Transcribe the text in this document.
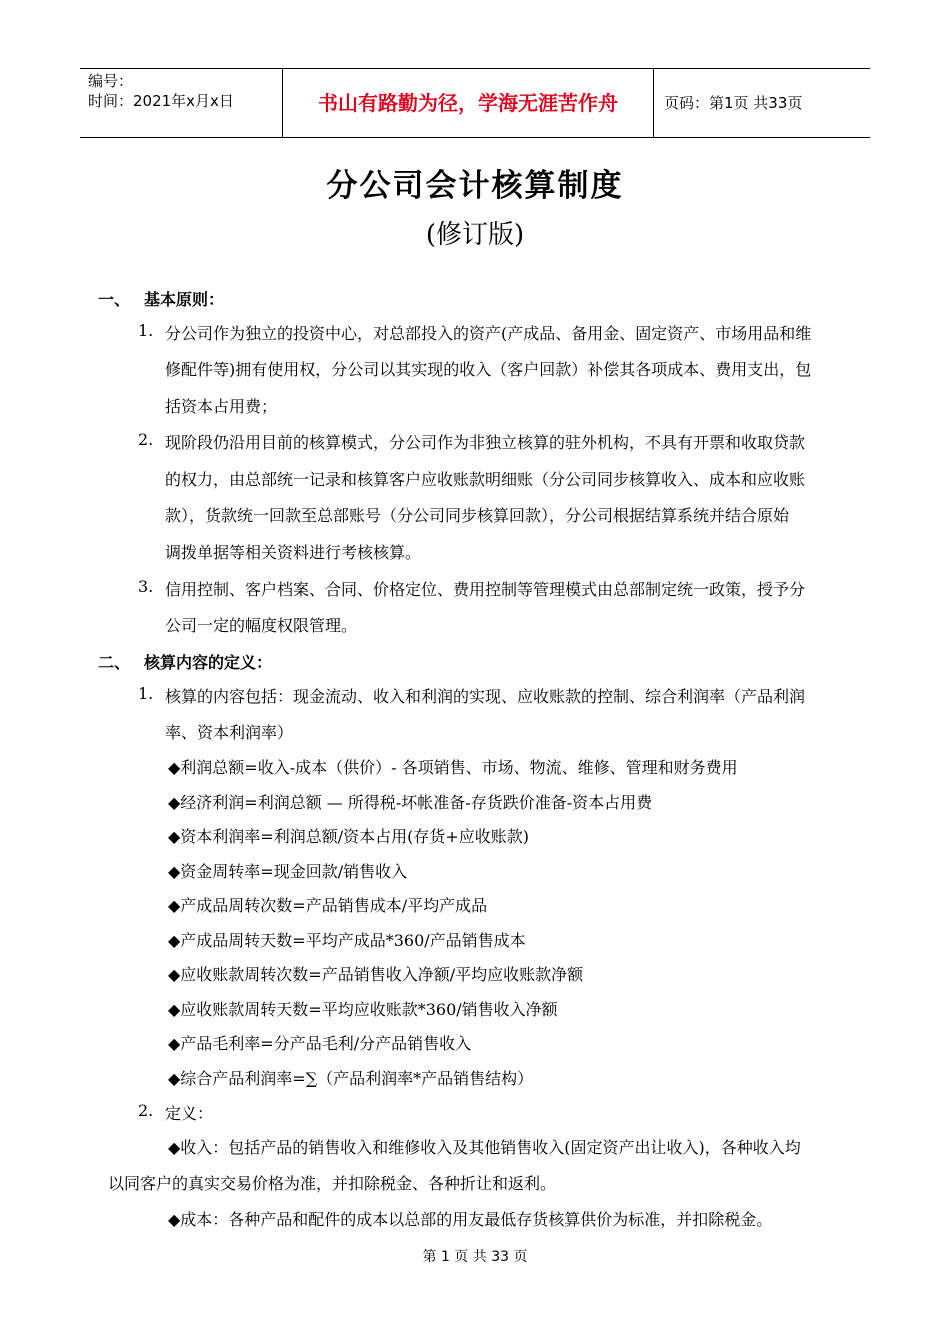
编号：
时间：2021年x月x日	书山有路勤为径，学海无涯苦作舟	页码：第1页 共33页
分公司会计核算制度
(修订版)
一、 基本原则：
1. 分公司作为独立的投资中心，对总部投入的资产(产成品、备用金、固定资产、市场用品和维
修配件等)拥有使用权，分公司以其实现的收入（客户回款）补偿其各项成本、费用支出，包
括资本占用费；
2. 现阶段仍沿用目前的核算模式，分公司作为非独立核算的驻外机构，不具有开票和收取贷款
的权力，由总部统一记录和核算客户应收账款明细账（分公司同步核算收入、成本和应收账
款），货款统一回款至总部账号（分公司同步核算回款），分公司根据结算系统并结合原始
调拨单据等相关资料进行考核核算。
3. 信用控制、客户档案、合同、价格定位、费用控制等管理模式由总部制定统一政策，授予分
公司一定的幅度权限管理。
二、 核算内容的定义：
1. 核算的内容包括：现金流动、收入和利润的实现、应收账款的控制、综合利润率（产品利润
率、资本利润率）
◆利润总额=收入-成本（供价）- 各项销售、市场、物流、维修、管理和财务费用
◆经济利润=利润总额 — 所得税-坏帐准备-存货跌价准备-资本占用费
◆资本利润率=利润总额/资本占用(存货+应收账款)
◆资金周转率=现金回款/销售收入
◆产成品周转次数=产品销售成本/平均产成品
◆产成品周转天数=平均产成品*360/产品销售成本
◆应收账款周转次数=产品销售收入净额/平均应收账款净额
◆应收账款周转天数=平均应收账款*360/销售收入净额
◆产品毛利率=分产品毛利/分产品销售收入
◆综合产品利润率=∑（产品利润率*产品销售结构）
2. 定义：
◆收入：包括产品的销售收入和维修收入及其他销售收入(固定资产出让收入)，各种收入均
以同客户的真实交易价格为准，并扣除税金、各种折让和返利。
◆成本：各种产品和配件的成本以总部的用友最低存货核算供价为标准，并扣除税金。
第 1 页 共 33 页
